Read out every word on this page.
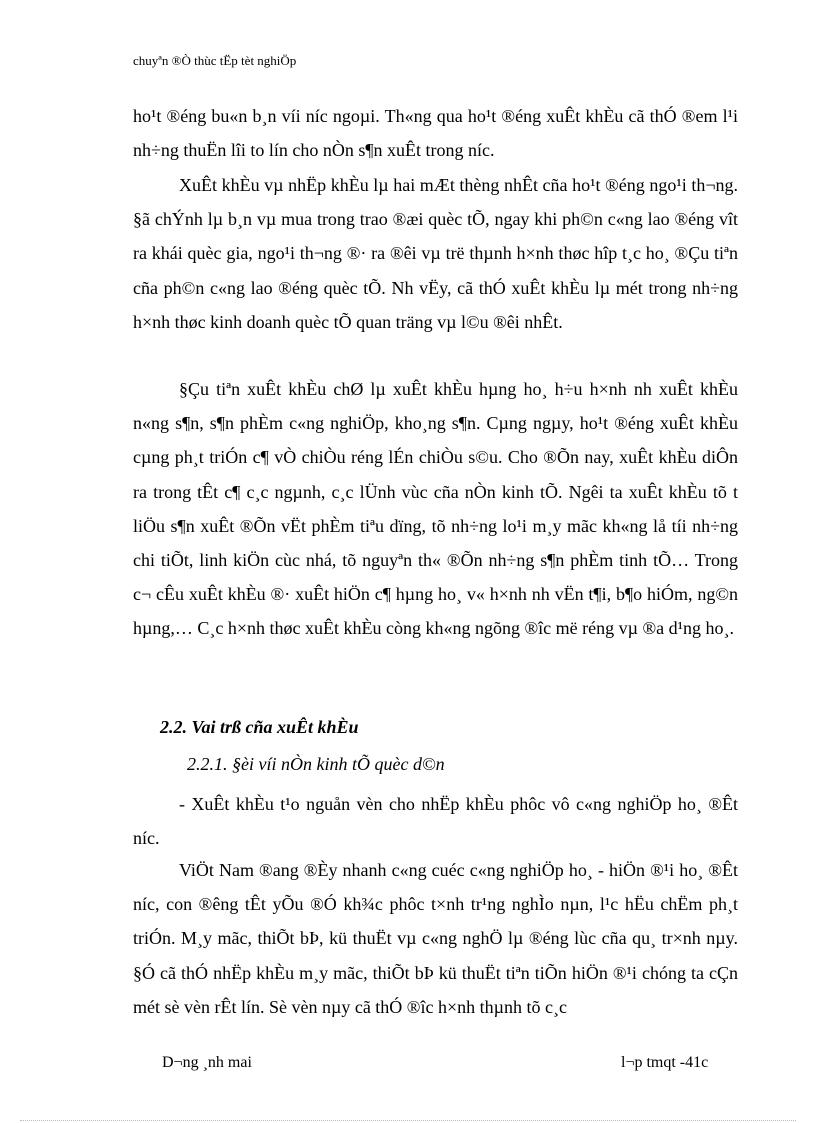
chuyªn ®Ò thùc tËp tèt nghiÖp

ho¹t ®éng bu«n b¸n víi níc ngoµi. Th«ng qua ho¹t ®éng xuÊt khÈu cã thÓ ®em l¹i nh÷ng thuËn lîi to lín cho nÒn s¶n xuÊt trong níc.

XuÊt khÈu vµ nhËp khÈu lµ hai mÆt thèng nhÊt cña ho¹t ®éng ngo¹i th¬ng. §ã chÝnh lµ b¸n vµ mua trong trao ®æi quèc tÕ, ngay khi ph©n c«ng lao ®éng vît ra khái quèc gia, ngo¹i th¬ng ®· ra ®êi vµ trë thµnh h×nh thøc hîp t¸c ho¸ ®Çu tiªn cña ph©n c«ng lao ®éng quèc tÕ. Nh vËy, cã thÓ xuÊt khÈu lµ mét trong nh÷ng h×nh thøc kinh doanh quèc tÕ quan träng vµ l©u ®êi nhÊt.

§Çu tiªn xuÊt khÈu chØ lµ xuÊt khÈu hµng ho¸ h÷u h×nh nh xuÊt khÈu n«ng s¶n, s¶n phÈm c«ng nghiÖp, kho¸ng s¶n. Cµng ngµy, ho¹t ®éng xuÊt khÈu cµng ph¸t triÓn c¶ vÒ chiÒu réng lÉn chiÒu s©u. Cho ®Õn nay, xuÊt khÈu diÔn ra trong tÊt c¶ c¸c ngµnh, c¸c lÜnh vùc cña nÒn kinh tÕ. Ngêi ta xuÊt khÈu tõ t liÖu s¶n xuÊt ®Õn vËt phÈm tiªu dïng, tõ nh÷ng lo¹i m¸y mãc kh«ng lå tíi nh÷ng chi tiÕt, linh kiÖn cùc nhá, tõ nguyªn th« ®Õn nh÷ng s¶n phÈm tinh tÕ… Trong c¬ cÊu xuÊt khÈu ®· xuÊt hiÖn c¶ hµng ho¸ v« h×nh nh vËn t¶i, b¶o hiÓm, ng©n hµng,… C¸c h×nh thøc xuÊt khÈu còng kh«ng ngõng ®îc më réng vµ ®a d¹ng ho¸.

2.2. Vai trß cña xuÊt khÈu
2.2.1. §èi víi nÒn kinh tÕ quèc d©n

- XuÊt khÈu t¹o nguån vèn cho nhËp khÈu phôc vô c«ng nghiÖp ho¸ ®Êt níc.

ViÖt Nam ®ang ®Èy nhanh c«ng cuéc c«ng nghiÖp ho¸ - hiÖn ®¹i ho¸ ®Êt níc, con ®êng tÊt yÕu ®Ó kh¾c phôc t×nh tr¹ng nghÌo nµn, l¹c hËu chËm ph¸t triÓn. M¸y mãc, thiÕt bÞ, kü thuËt vµ c«ng nghÖ lµ ®éng lùc cña qu¸ tr×nh nµy. §Ó cã thÓ nhËp khÈu m¸y mãc, thiÕt bÞ kü thuËt tiªn tiÕn hiÖn ®¹i chóng ta cÇn mét sè vèn rÊt lín. Sè vèn nµy cã thÓ ®îc h×nh thµnh tõ c¸c

D¬ng ¸nh mai	l¬p tmqt -41c
